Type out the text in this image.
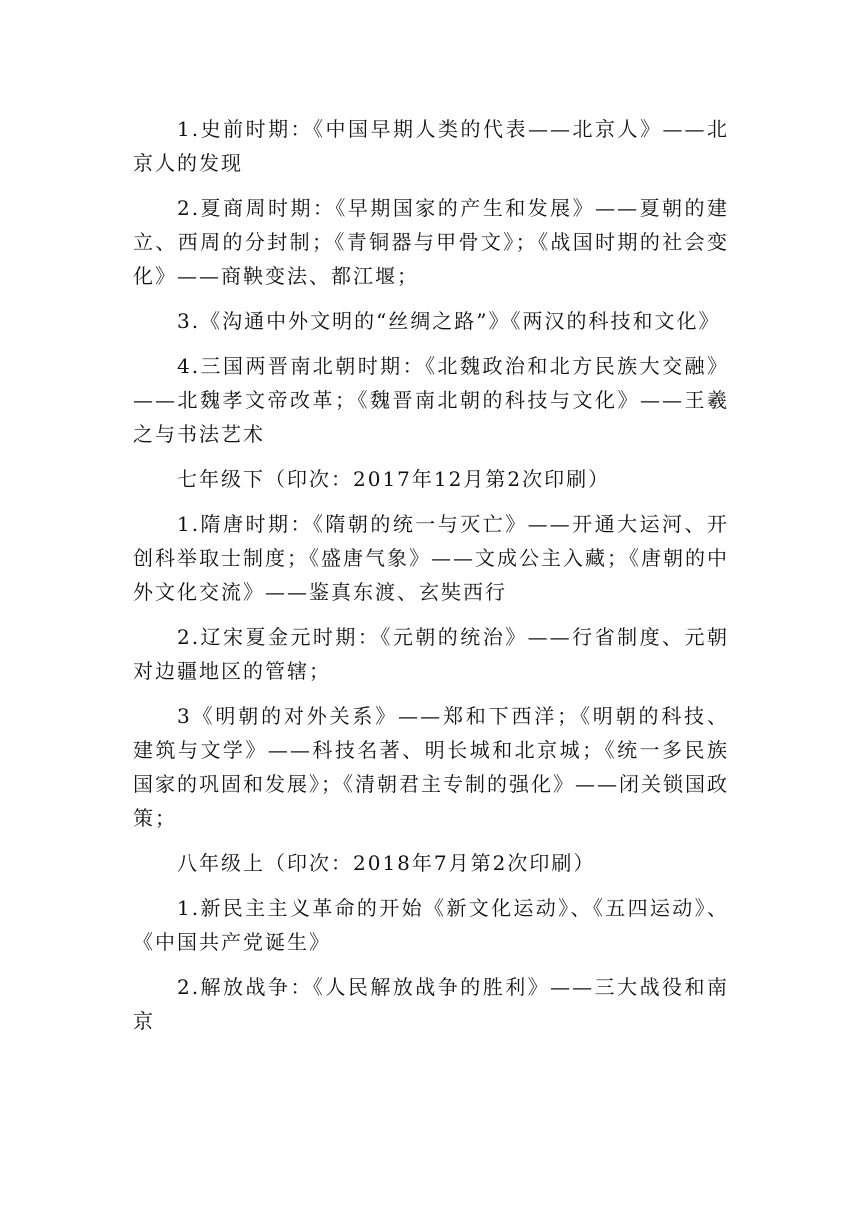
1.史前时期：《中国早期人类的代表——北京人》——北京人的发现

2.夏商周时期：《早期国家的产生和发展》——夏朝的建立、西周的分封制；《青铜器与甲骨文》；《战国时期的社会变化》——商鞅变法、都江堰；

3.《沟通中外文明的“丝绸之路”》《两汉的科技和文化》

4.三国两晋南北朝时期：《北魏政治和北方民族大交融》——北魏孝文帝改革；《魏晋南北朝的科技与文化》——王羲之与书法艺术

七年级下（印次：2017年12月第2次印刷）

1.隋唐时期：《隋朝的统一与灭亡》——开通大运河、开创科举取士制度；《盛唐气象》——文成公主入藏；《唐朝的中外文化交流》——鉴真东渡、玄奘西行

2.辽宋夏金元时期：《元朝的统治》——行省制度、元朝对边疆地区的管辖；

3《明朝的对外关系》——郑和下西洋；《明朝的科技、建筑与文学》——科技名著、明长城和北京城；《统一多民族国家的巩固和发展》；《清朝君主专制的强化》——闭关锁国政策；

八年级上（印次：2018年7月第2次印刷）

1.新民主主义革命的开始《新文化运动》、《五四运动》、《中国共产党诞生》

2.解放战争：《人民解放战争的胜利》——三大战役和南京
